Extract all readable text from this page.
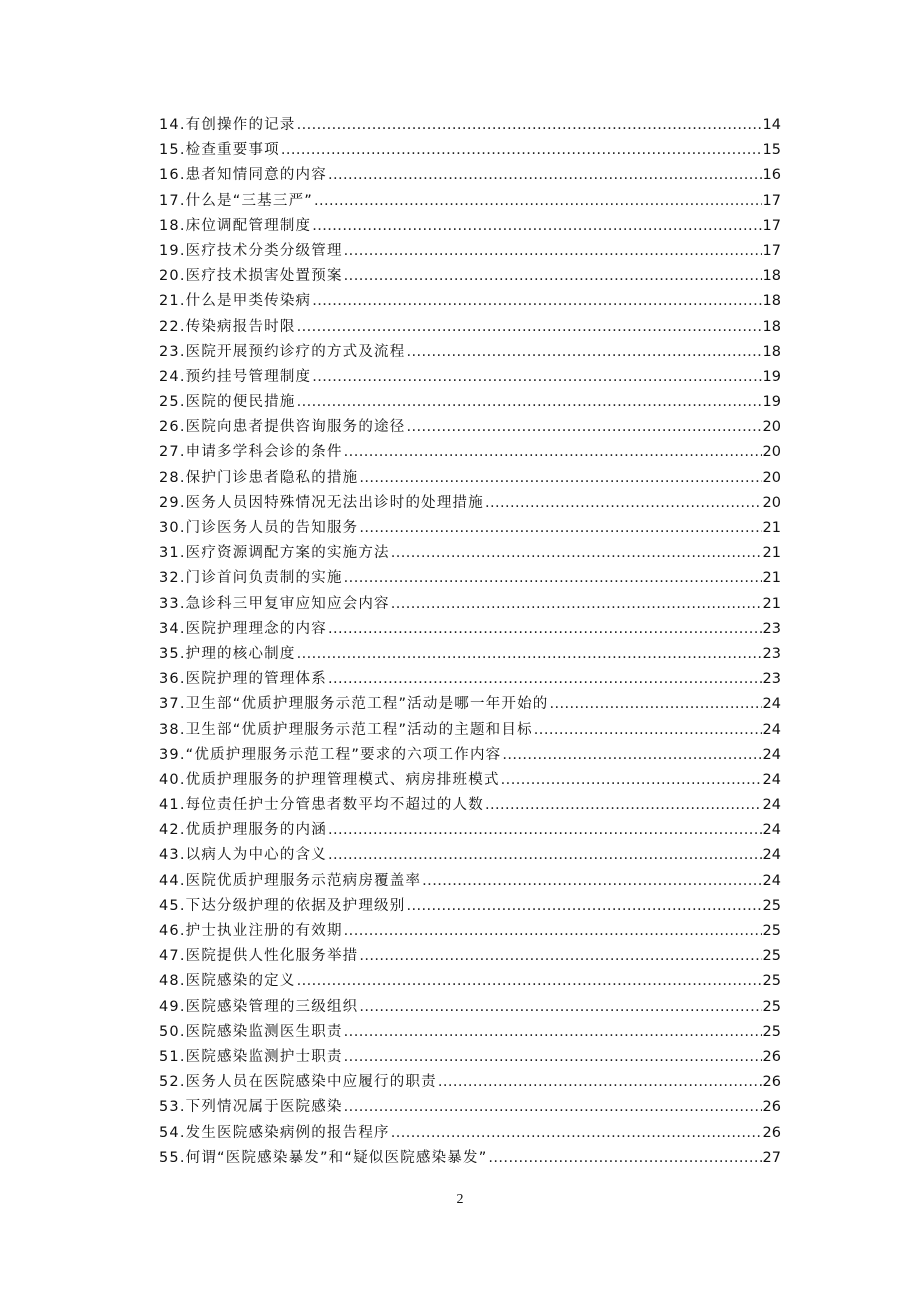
14.有创操作的记录 .....	14
15.检查重要事项 .....	15
16.患者知情同意的内容 .....	16
17.什么是“三基三严” .....	17
18.床位调配管理制度 .....	17
19.医疗技术分类分级管理 .....	17
20.医疗技术损害处置预案 .....	18
21.什么是甲类传染病 .....	18
22.传染病报告时限 .....	18
23.医院开展预约诊疗的方式及流程 .....	18
24.预约挂号管理制度 .....	19
25.医院的便民措施 .....	19
26.医院向患者提供咨询服务的途径 .....	20
27.申请多学科会诊的条件 .....	20
28.保护门诊患者隐私的措施 .....	20
29.医务人员因特殊情况无法出诊时的处理措施 .....	20
30.门诊医务人员的告知服务 .....	21
31.医疗资源调配方案的实施方法 .....	21
32.门诊首问负责制的实施 .....	21
33.急诊科三甲复审应知应会内容 .....	21
34.医院护理理念的内容 .....	23
35.护理的核心制度 .....	23
36.医院护理的管理体系 .....	23
37.卫生部“优质护理服务示范工程”活动是哪一年开始的 .....	24
38.卫生部“优质护理服务示范工程”活动的主题和目标 .....	24
39.“优质护理服务示范工程”要求的六项工作内容 .....	24
40.优质护理服务的护理管理模式、病房排班模式 .....	24
41.每位责任护士分管患者数平均不超过的人数 .....	24
42.优质护理服务的内涵 .....	24
43.以病人为中心的含义 .....	24
44.医院优质护理服务示范病房覆盖率 .....	24
45.下达分级护理的依据及护理级别 .....	25
46.护士执业注册的有效期 .....	25
47.医院提供人性化服务举措 .....	25
48.医院感染的定义 .....	25
49.医院感染管理的三级组织 .....	25
50.医院感染监测医生职责 .....	25
51.医院感染监测护士职责 .....	26
52.医务人员在医院感染中应履行的职责 .....	26
53.下列情况属于医院感染 .....	26
54.发生医院感染病例的报告程序 .....	26
55.何谓“医院感染暴发”和“疑似医院感染暴发” .....	27
2
